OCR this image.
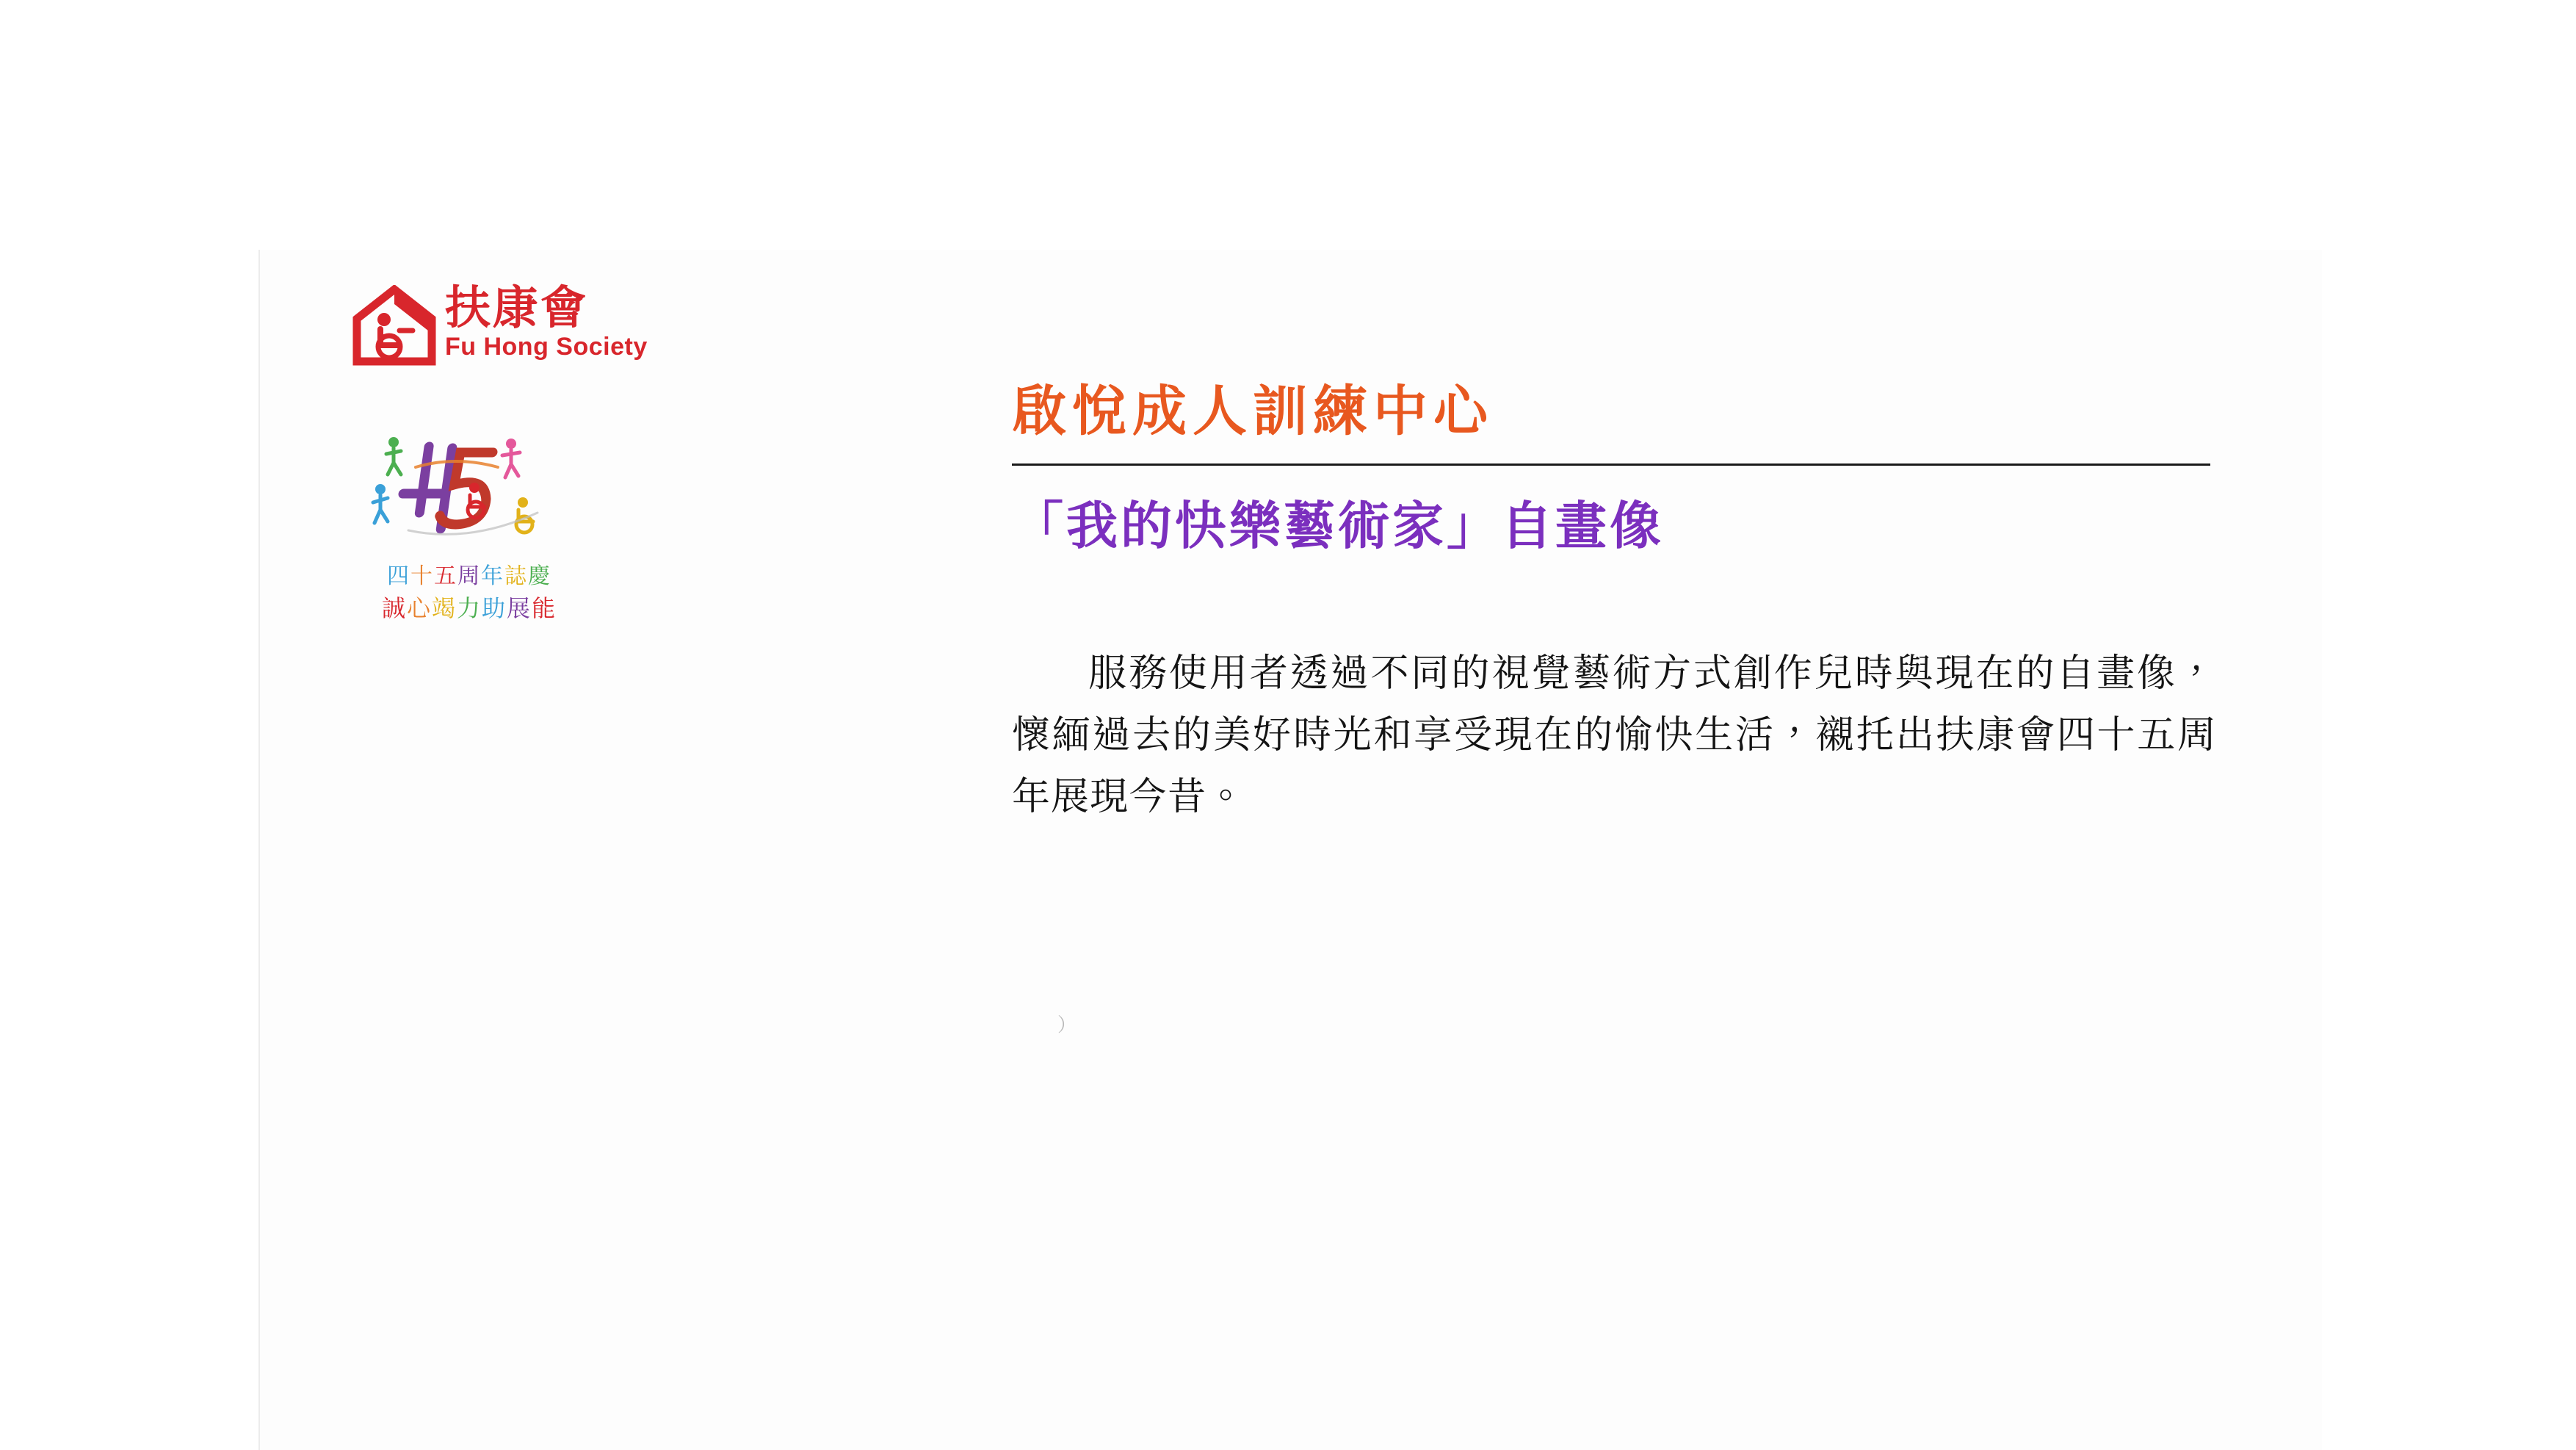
扶康會
Fu Hong Society
四十五周年誌慶
誠心竭力助展能
啟悅成人訓練中心
「我的快樂藝術家」自畫像
服務使用者透過不同的視覺藝術方式創作兒時與現在的自畫像，懷緬過去的美好時光和享受現在的愉快生活，襯托出扶康會四十五周年展現今昔。
）
